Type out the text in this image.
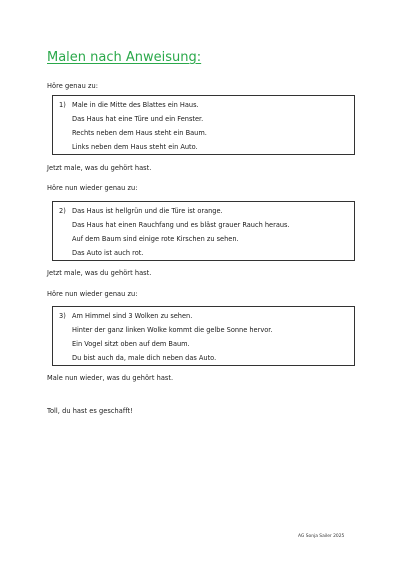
Malen nach Anweisung:
Höre genau zu:
1) Male in die Mitte des Blattes ein Haus.
Das Haus hat eine Türe und ein Fenster.
Rechts neben dem Haus steht ein Baum.
Links neben dem Haus steht ein Auto.
Jetzt male, was du gehört hast.
Höre nun wieder genau zu:
2) Das Haus ist hellgrün und die Türe ist orange.
Das Haus hat einen Rauchfang und es bläst grauer Rauch heraus.
Auf dem Baum sind einige rote Kirschen zu sehen.
Das Auto ist auch rot.
Jetzt male, was du gehört hast.
Höre nun wieder genau zu:
3) Am Himmel sind 3 Wolken zu sehen.
Hinter der ganz linken Wolke kommt die gelbe Sonne hervor.
Ein Vogel sitzt oben auf dem Baum.
Du bist auch da, male dich neben das Auto.
Male nun wieder, was du gehört hast.
Toll, du hast es geschafft!
AG Sonja Sailer 2025
